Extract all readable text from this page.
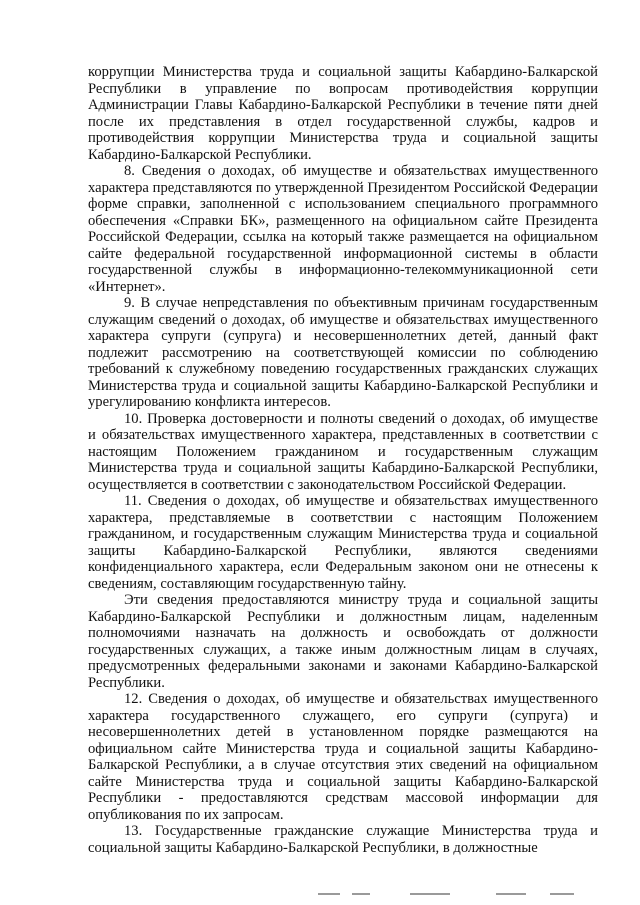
коррупции Министерства труда и социальной защиты Кабардино-Балкарской Республики в управление по вопросам противодействия коррупции Администрации Главы Кабардино-Балкарской Республики в течение пяти дней после их представления в отдел государственной службы, кадров и противодействия коррупции Министерства труда и социальной защиты Кабардино-Балкарской Республики.

8. Сведения о доходах, об имуществе и обязательствах имущественного характера представляются по утвержденной Президентом Российской Федерации форме справки, заполненной с использованием специального программного обеспечения «Справки БК», размещенного на официальном сайте Президента Российской Федерации, ссылка на который также размещается на официальном сайте федеральной государственной информационной системы в области государственной службы в информационно-телекоммуникационной сети «Интернет».

9. В случае непредставления по объективным причинам государственным служащим сведений о доходах, об имуществе и обязательствах имущественного характера супруги (супруга) и несовершеннолетних детей, данный факт подлежит рассмотрению на соответствующей комиссии по соблюдению требований к служебному поведению государственных гражданских служащих Министерства труда и социальной защиты Кабардино-Балкарской Республики и урегулированию конфликта интересов.

10. Проверка достоверности и полноты сведений о доходах, об имуществе и обязательствах имущественного характера, представленных в соответствии с настоящим Положением гражданином и государственным служащим Министерства труда и социальной защиты Кабардино-Балкарской Республики, осуществляется в соответствии с законодательством Российской Федерации.

11. Сведения о доходах, об имуществе и обязательствах имущественного характера, представляемые в соответствии с настоящим Положением гражданином, и государственным служащим Министерства труда и социальной защиты Кабардино-Балкарской Республики, являются сведениями конфиденциального характера, если Федеральным законом они не отнесены к сведениям, составляющим государственную тайну.

Эти сведения предоставляются министру труда и социальной защиты Кабардино-Балкарской Республики и должностным лицам, наделенным полномочиями назначать на должность и освобождать от должности государственных служащих, а также иным должностным лицам в случаях, предусмотренных федеральными законами и законами Кабардино-Балкарской Республики.

12. Сведения о доходах, об имуществе и обязательствах имущественного характера государственного служащего, его супруги (супруга) и несовершеннолетних детей в установленном порядке размещаются на официальном сайте Министерства труда и социальной защиты Кабардино-Балкарской Республики, а в случае отсутствия этих сведений на официальном сайте Министерства труда и социальной защиты Кабардино-Балкарской Республики - предоставляются средствам массовой информации для опубликования по их запросам.

13. Государственные гражданские служащие Министерства труда и социальной защиты Кабардино-Балкарской Республики, в должностные
